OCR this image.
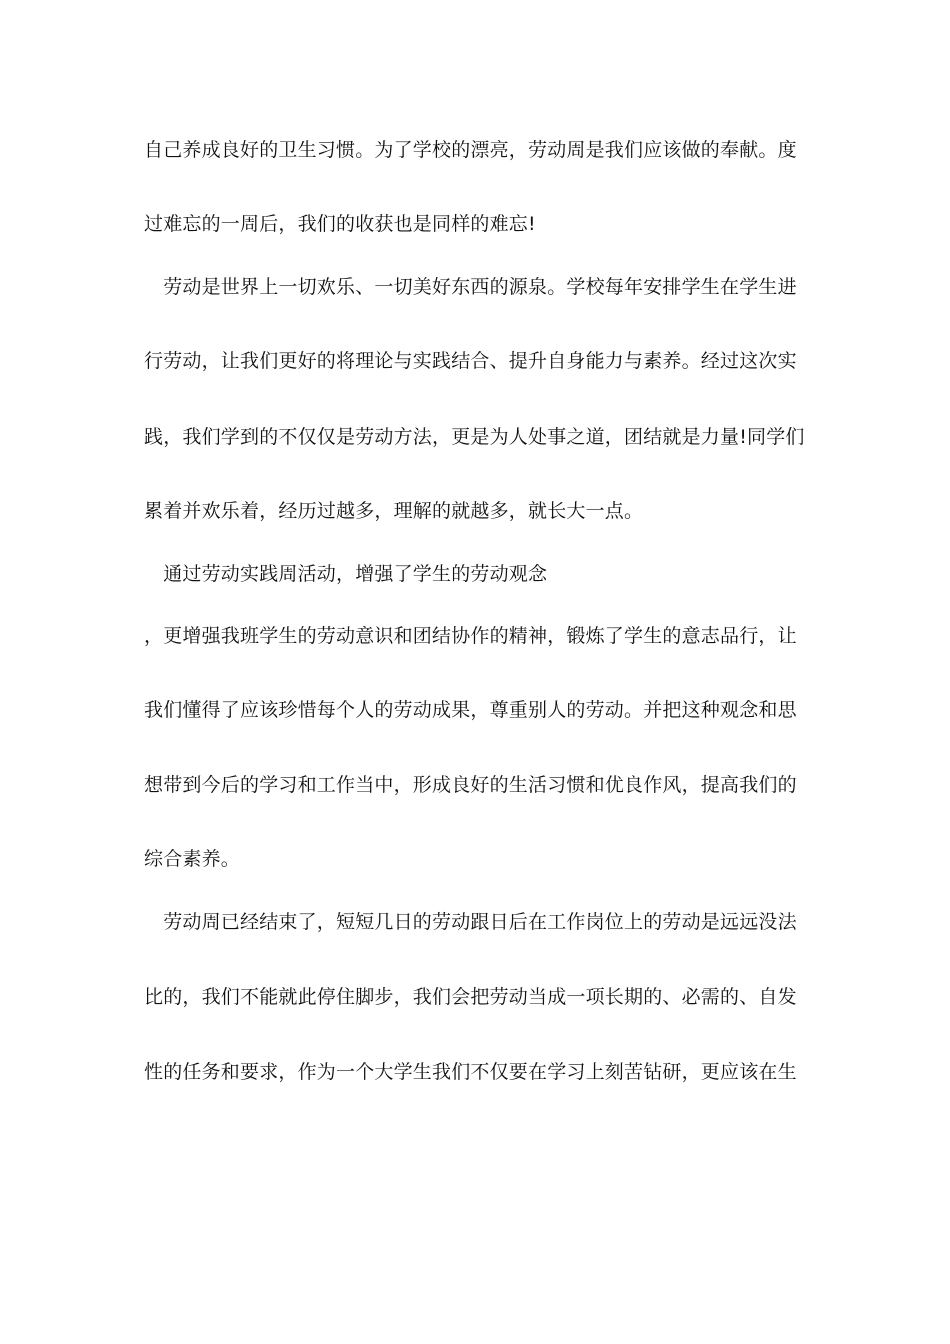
自己养成良好的卫生习惯。为了学校的漂亮，劳动周是我们应该做的奉献。度
过难忘的一周后，我们的收获也是同样的难忘!
　劳动是世界上一切欢乐、一切美好东西的源泉。学校每年安排学生在学生进
行劳动，让我们更好的将理论与实践结合、提升自身能力与素养。经过这次实
践，我们学到的不仅仅是劳动方法，更是为人处事之道，团结就是力量!同学们
累着并欢乐着，经历过越多，理解的就越多，就长大一点。
　通过劳动实践周活动，增强了学生的劳动观念
，更增强我班学生的劳动意识和团结协作的精神，锻炼了学生的意志品行，让
我们懂得了应该珍惜每个人的劳动成果，尊重别人的劳动。并把这种观念和思
想带到今后的学习和工作当中，形成良好的生活习惯和优良作风，提高我们的
综合素养。
　劳动周已经结束了，短短几日的劳动跟日后在工作岗位上的劳动是远远没法
比的，我们不能就此停住脚步，我们会把劳动当成一项长期的、必需的、自发
性的任务和要求，作为一个大学生我们不仅要在学习上刻苦钻研，更应该在生
